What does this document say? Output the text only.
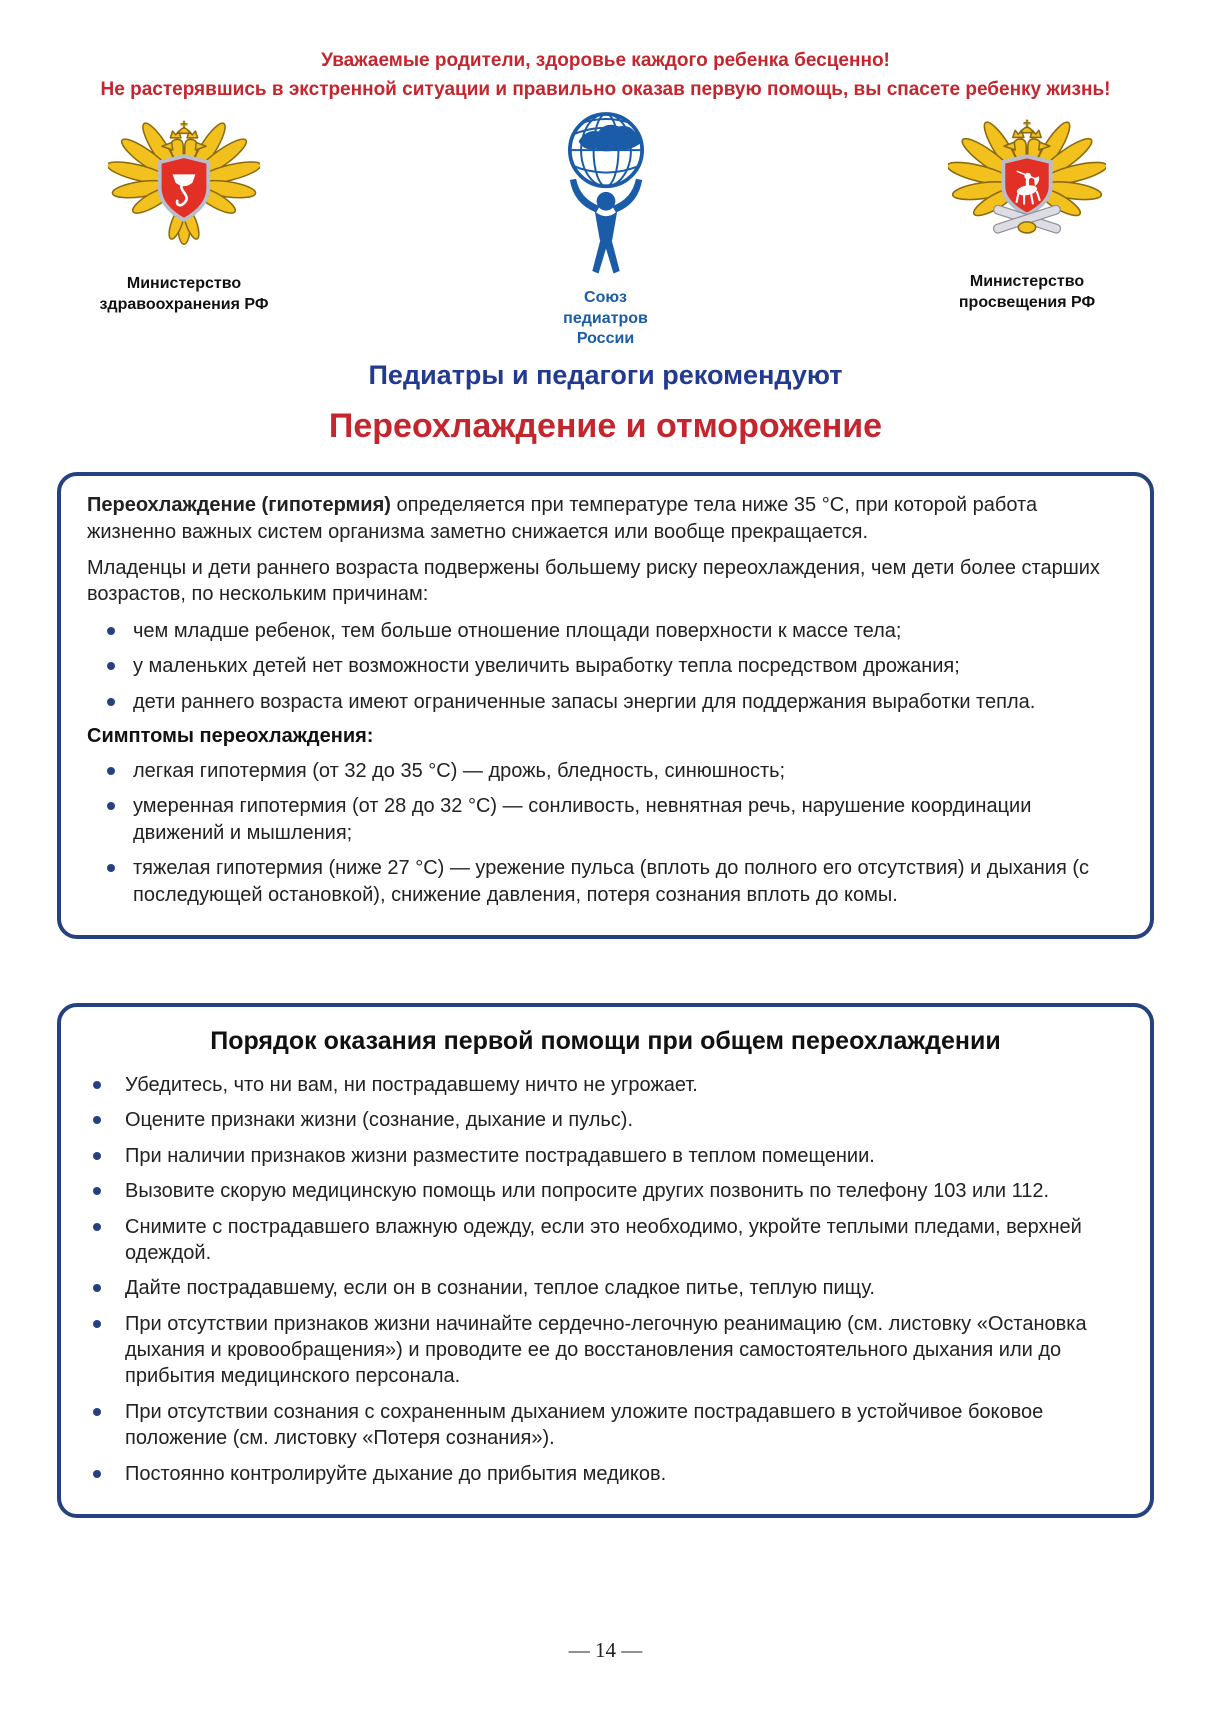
Уважаемые родители, здоровье каждого ребенка бесценно!

Не растерявшись в экстренной ситуации и правильно оказав первую помощь, вы спасете ребенку жизнь!

Министерство здравоохранения РФ	Союз педиатров России
Министерство просвещения РФ
Педиатры и педагоги рекомендуют
Переохлаждение и отморожение

Переохлаждение (гипотермия) определяется при температуре тела ниже 35 °С, при которой работа жизненно важных систем организма заметно снижается или вообще прекращается.

Младенцы и дети раннего возраста подвержены большему риску переохлаждения, чем дети более старших возрастов, по нескольким причинам:

чем младше ребенок, тем больше отношение площади поверхности к массе тела;
у маленьких детей нет возможности увеличить выработку тепла посредством дрожания;
дети раннего возраста имеют ограниченные запасы энергии для поддержания выработки тепла.

Симптомы переохлаждения:

легкая гипотермия (от 32 до 35 °С) — дрожь, бледность, синюшность;
умеренная гипотермия (от 28 до 32 °С) — сонливость, невнятная речь, нарушение координации движений и мышления;
тяжелая гипотермия (ниже 27 °С) — урежение пульса (вплоть до полного его отсутствия) и дыхания (с последующей остановкой), снижение давления, потеря сознания вплоть до комы.
Порядок оказания первой помощи при общем переохлаждении
Убедитесь, что ни вам, ни пострадавшему ничто не угрожает.
Оцените признаки жизни (сознание, дыхание и пульс).
При наличии признаков жизни разместите пострадавшего в теплом помещении.
Вызовите скорую медицинскую помощь или попросите других позвонить по телефону 103 или 112.
Снимите с пострадавшего влажную одежду, если это необходимо, укройте теплыми пледами, верхней одеждой.
Дайте пострадавшему, если он в сознании, теплое сладкое питье, теплую пищу.
При отсутствии признаков жизни начинайте сердечно-легочную реанимацию (см. листовку «Остановка дыхания и кровообращения») и проводите ее до восстановления самостоятельного дыхания или до прибытия медицинского персонала.
При отсутствии сознания с сохраненным дыханием уложите пострадавшего в устойчивое боковое положение (см. листовку «Потеря сознания»).
Постоянно контролируйте дыхание до прибытия медиков.
— 14 —
